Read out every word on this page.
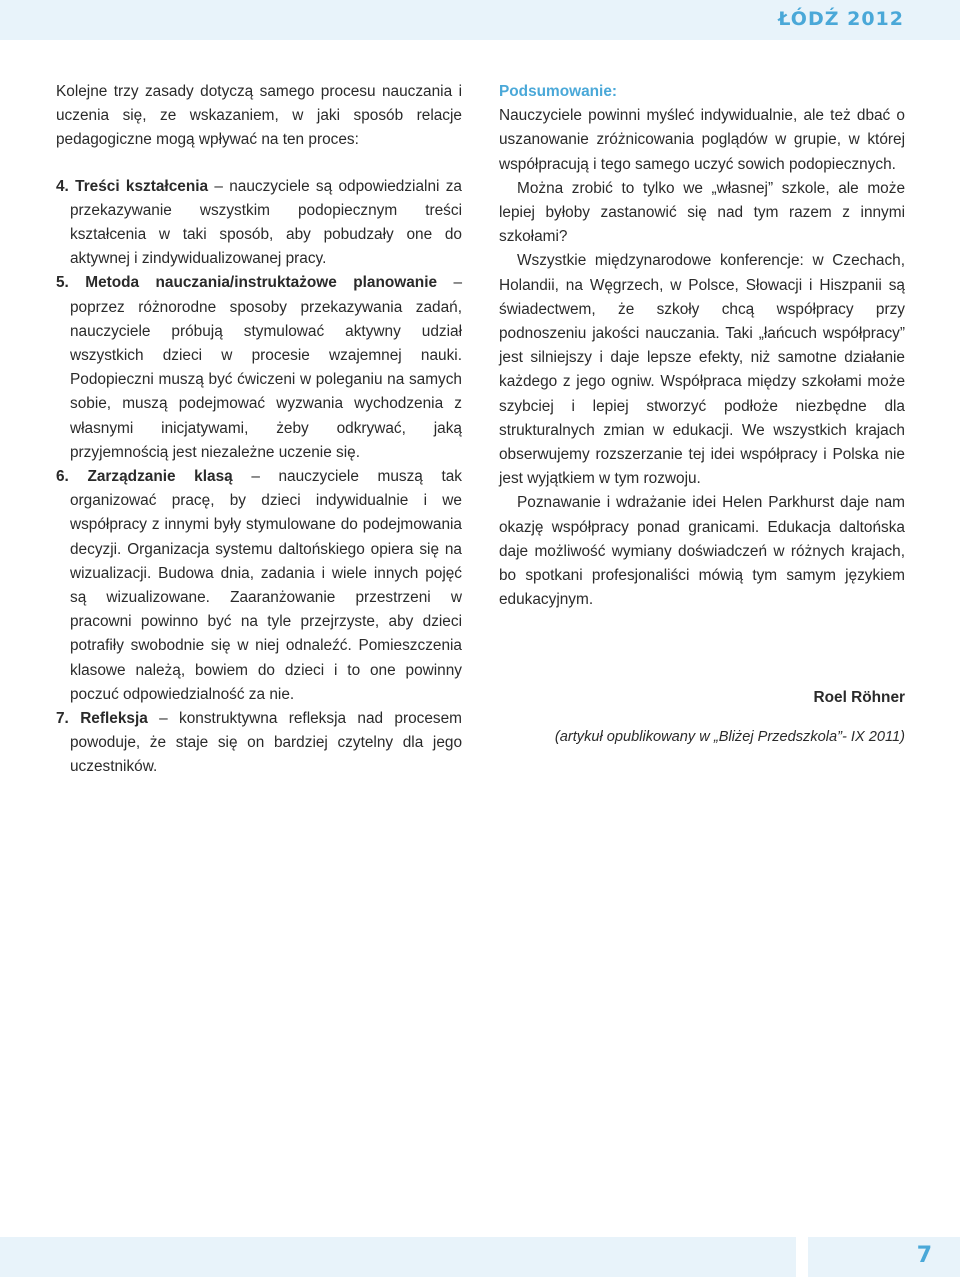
ŁÓDŹ 2012

Kolejne trzy zasady dotyczą samego procesu nauczania i uczenia się, ze wskazaniem, w jaki sposób relacje pedagogiczne mogą wpływać na ten proces:

4. Treści kształcenia – nauczyciele są odpowiedzialni za przekazywanie wszystkim podopiecznym treści kształcenia w taki sposób, aby pobudzały one do aktywnej i zindywidualizowanej pracy.

5. Metoda nauczania/instruktażowe planowanie – poprzez różnorodne sposoby przekazywania zadań, nauczyciele próbują stymulować aktywny udział wszystkich dzieci w procesie wzajemnej nauki. Podopieczni muszą być ćwiczeni w poleganiu na samych sobie, muszą podejmować wyzwania wychodzenia z własnymi inicjatywami, żeby odkrywać, jaką przyjemnością jest niezależne uczenie się.

6. Zarządzanie klasą – nauczyciele muszą tak organizować pracę, by dzieci indywidualnie i we współpracy z innymi były stymulowane do podejmowania decyzji. Organizacja systemu daltońskiego opiera się na wizualizacji. Budowa dnia, zadania i wiele innych pojęć są wizualizowane. Zaaranżowanie przestrzeni w pracowni powinno być na tyle przejrzyste, aby dzieci potrafiły swobodnie się w niej odnaleźć. Pomieszczenia klasowe należą, bowiem do dzieci i to one powinny poczuć odpowiedzialność za nie.

7. Refleksja – konstruktywna refleksja nad procesem powoduje, że staje się on bardziej czytelny dla jego uczestników.

Podsumowanie:

Nauczyciele powinni myśleć indywidualnie, ale też dbać o uszanowanie zróżnicowania poglądów w grupie, w której współpracują i tego samego uczyć sowich podopiecznych.

Można zrobić to tylko we „własnej” szkole, ale może lepiej byłoby zastanowić się nad tym razem z innymi szkołami?

Wszystkie międzynarodowe konferencje: w Czechach, Holandii, na Węgrzech, w Polsce, Słowacji i Hiszpanii są świadectwem, że szkoły chcą współpracy przy podnoszeniu jakości nauczania. Taki „łańcuch współpracy” jest silniejszy i daje lepsze efekty, niż samotne działanie każdego z jego ogniw. Współpraca między szkołami może szybciej i lepiej stworzyć podłoże niezbędne dla strukturalnych zmian w edukacji. We wszystkich krajach obserwujemy rozszerzanie tej idei współpracy i Polska nie jest wyjątkiem w tym rozwoju.

Poznawanie i wdrażanie idei Helen Parkhurst daje nam okazję współpracy ponad granicami. Edukacja daltońska daje możliwość wymiany doświadczeń w różnych krajach, bo spotkani profesjonaliści mówią tym samym językiem edukacyjnym.

Roel Röhner

(artykuł opublikowany w „Bliżej Przedszkola”- IX 2011)

7
